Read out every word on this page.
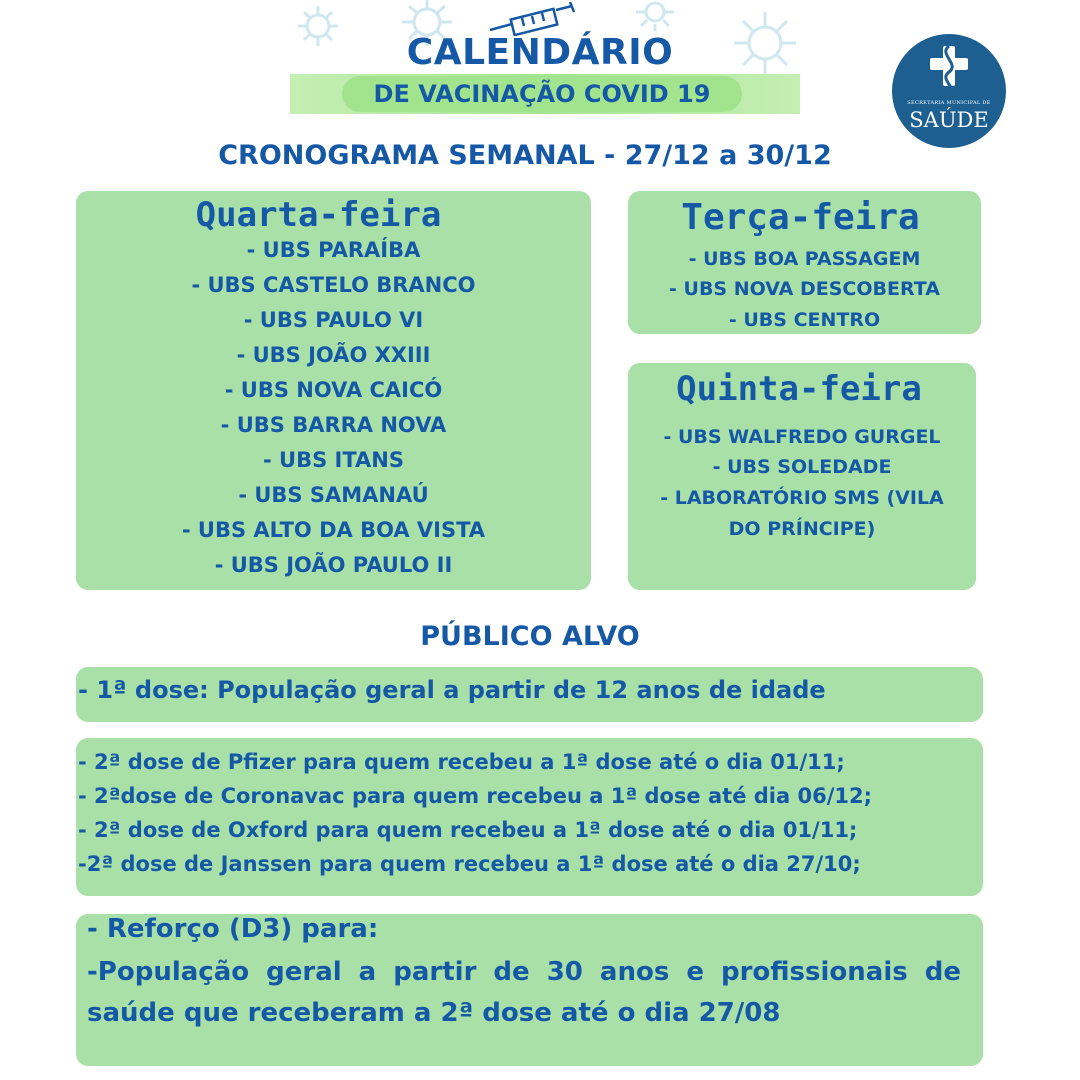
CALENDÁRIO
DE VACINAÇÃO COVID 19	SECRETARIA MUNICIPAL DE
SAÚDE
CRONOGRAMA SEMANAL - 27/12 a 30/12
Quarta-feira
- UBS PARAÍBA
- UBS CASTELO BRANCO
- UBS PAULO VI
- UBS JOÃO XXIII
- UBS NOVA CAICÓ
- UBS BARRA NOVA
- UBS ITANS
- UBS SAMANAÚ
- UBS ALTO DA BOA VISTA
- UBS JOÃO PAULO II
Terça-feira
- UBS BOA PASSAGEM
- UBS NOVA DESCOBERTA
- UBS CENTRO
Quinta-feira
- UBS WALFREDO GURGEL
- UBS SOLEDADE
- LABORATÓRIO SMS (VILA
DO PRÍNCIPE)
PÚBLICO ALVO
- 1ª dose: População geral a partir de 12 anos de idade
- 2ª dose de Pfizer para quem recebeu a 1ª dose até o dia 01/11;
- 2ªdose de Coronavac para quem recebeu a 1ª dose até dia 06/12;
- 2ª dose de Oxford para quem recebeu a 1ª dose até o dia 01/11;
-2ª dose de Janssen para quem recebeu a 1ª dose até o dia 27/10;
- Reforço (D3) para:
-População geral a partir de 30 anos e profissionais de saúde que receberam a 2ª dose até o dia 27/08
